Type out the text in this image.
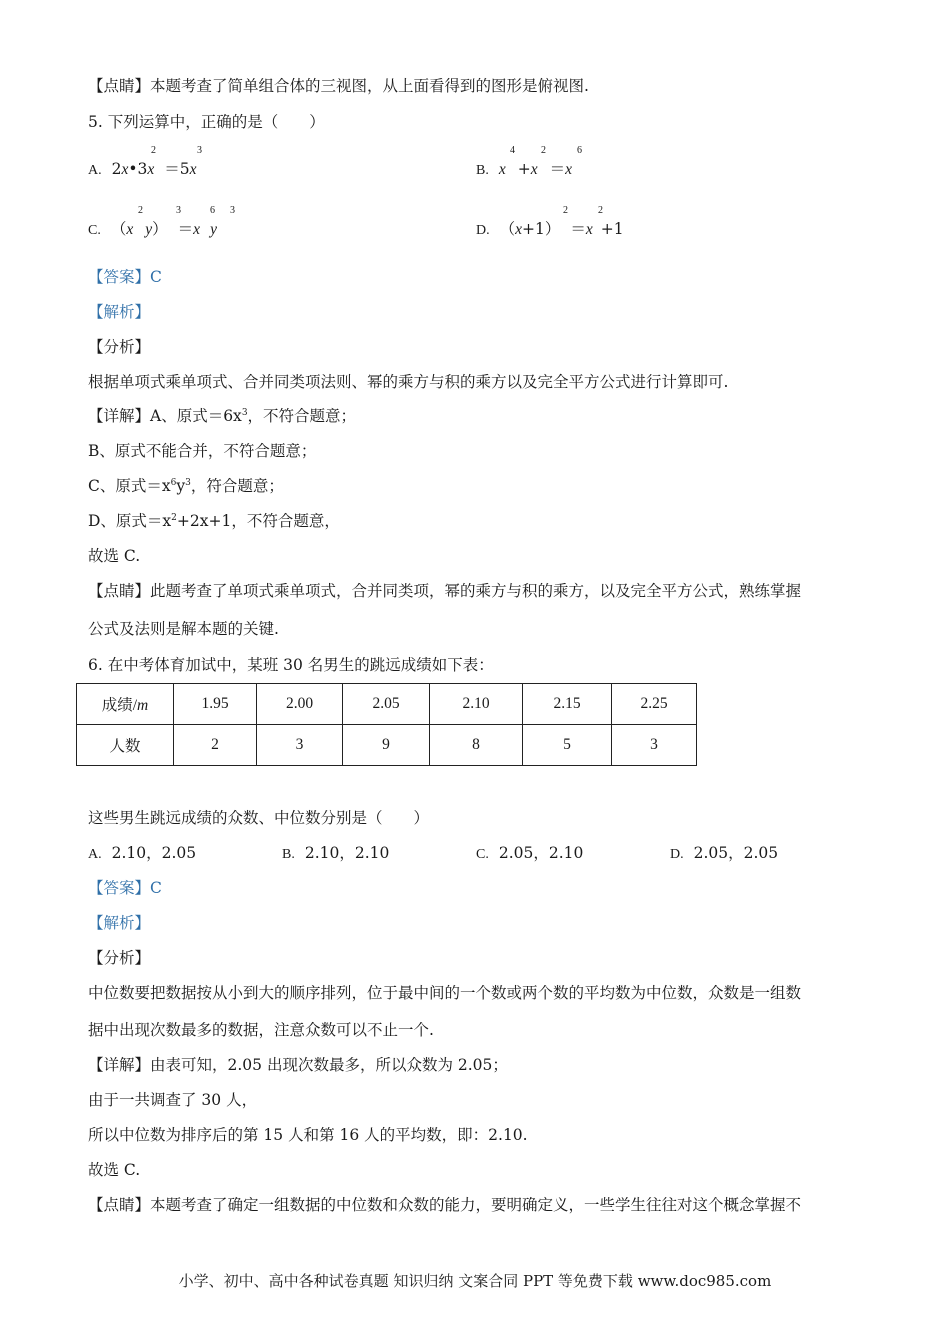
【点睛】本题考查了简单组合体的三视图，从上面看得到的图形是俯视图.
5. 下列运算中，正确的是（　　）
A. 2x•3x ＝5x
2	3
B. x +x ＝x
4	2	6
C. （x y） ＝x y
2	3	6 3
D. （x+1） ＝x +1
2	2
【答案】C
【解析】
【分析】
根据单项式乘单项式、合并同类项法则、幂的乘方与积的乘方以及完全平方公式进行计算即可.
【详解】A、原式$=6x^3$，不符合题意；
B、原式不能合并，不符合题意；
C、原式$=x^6y^3$，符合题意；
D、原式$=x^2+2x+1$，不符合题意，
故选 C.
【点睛】此题考查了单项式乘单项式，合并同类项，幂的乘方与积的乘方，以及完全平方公式，熟练掌握
公式及法则是解本题的关键.
6. 在中考体育加试中，某班 30 名男生的跳远成绩如下表：
成绩/m	1.95	2.00	2.05	2.10	2.15	2.25
人数	2	3	9	8	5	3
这些男生跳远成绩的众数、中位数分别是（　　）
A. 2.10，2.05	B. 2.10，2.10	C. 2.05，2.10	D. 2.05，2.05
【答案】C
【解析】
【分析】
中位数要把数据按从小到大的顺序排列，位于最中间的一个数或两个数的平均数为中位数，众数是一组数
据中出现次数最多的数据，注意众数可以不止一个.
【详解】由表可知，2.05 出现次数最多，所以众数为 2.05；
由于一共调查了 30 人，
所以中位数为排序后的第 15 人和第 16 人的平均数，即：2.10.
故选 C.
【点睛】本题考查了确定一组数据的中位数和众数的能力，要明确定义，一些学生往往对这个概念掌握不
小学、初中、高中各种试卷真题 知识归纳 文案合同 PPT 等免费下载 www.doc985.com
